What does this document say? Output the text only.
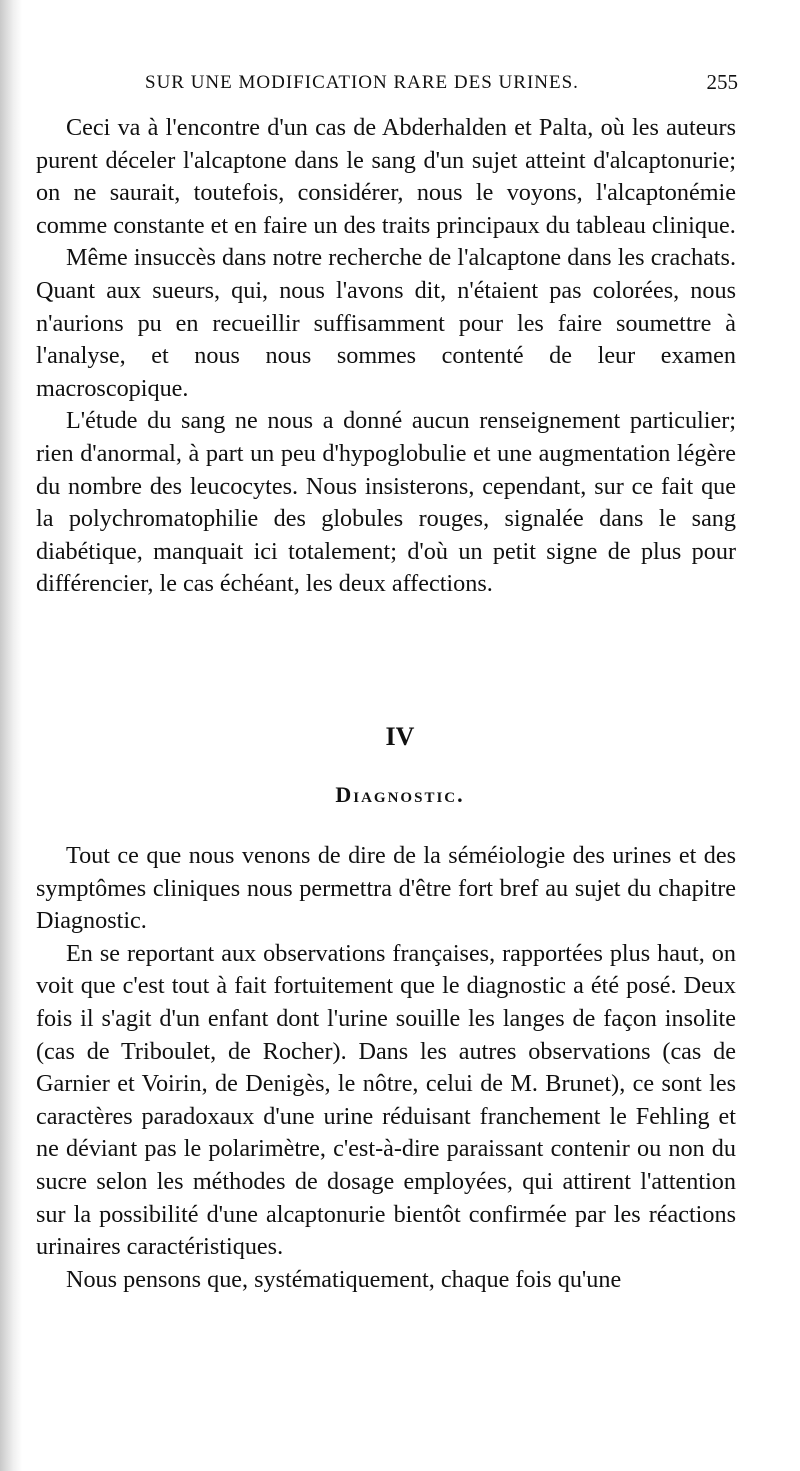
SUR UNE MODIFICATION RARE DES URINES.	255

Ceci va à l'encontre d'un cas de Abderhalden et Palta, où les auteurs purent déceler l'alcaptone dans le sang d'un sujet atteint d'alcaptonurie; on ne saurait, toutefois, considérer, nous le voyons, l'alcaptonémie comme constante et en faire un des traits principaux du tableau clinique.

Même insuccès dans notre recherche de l'alcaptone dans les crachats. Quant aux sueurs, qui, nous l'avons dit, n'étaient pas colorées, nous n'aurions pu en recueillir suffisamment pour les faire soumettre à l'analyse, et nous nous sommes contenté de leur examen macroscopique.

L'étude du sang ne nous a donné aucun renseignement particulier; rien d'anormal, à part un peu d'hypoglobulie et une augmentation légère du nombre des leucocytes. Nous insisterons, cependant, sur ce fait que la polychromatophilie des globules rouges, signalée dans le sang diabétique, manquait ici totalement; d'où un petit signe de plus pour différencier, le cas échéant, les deux affections.

IV
Diagnostic.

Tout ce que nous venons de dire de la séméiologie des urines et des symptômes cliniques nous permettra d'être fort bref au sujet du chapitre Diagnostic.

En se reportant aux observations françaises, rapportées plus haut, on voit que c'est tout à fait fortuitement que le diagnostic a été posé. Deux fois il s'agit d'un enfant dont l'urine souille les langes de façon insolite (cas de Triboulet, de Rocher). Dans les autres observations (cas de Garnier et Voirin, de Denigès, le nôtre, celui de M. Brunet), ce sont les caractères paradoxaux d'une urine réduisant franchement le Fehling et ne déviant pas le polarimètre, c'est-à-dire paraissant contenir ou non du sucre selon les méthodes de dosage employées, qui attirent l'attention sur la possibilité d'une alcaptonurie bientôt confirmée par les réactions urinaires caractéristiques.

Nous pensons que, systématiquement, chaque fois qu'une
